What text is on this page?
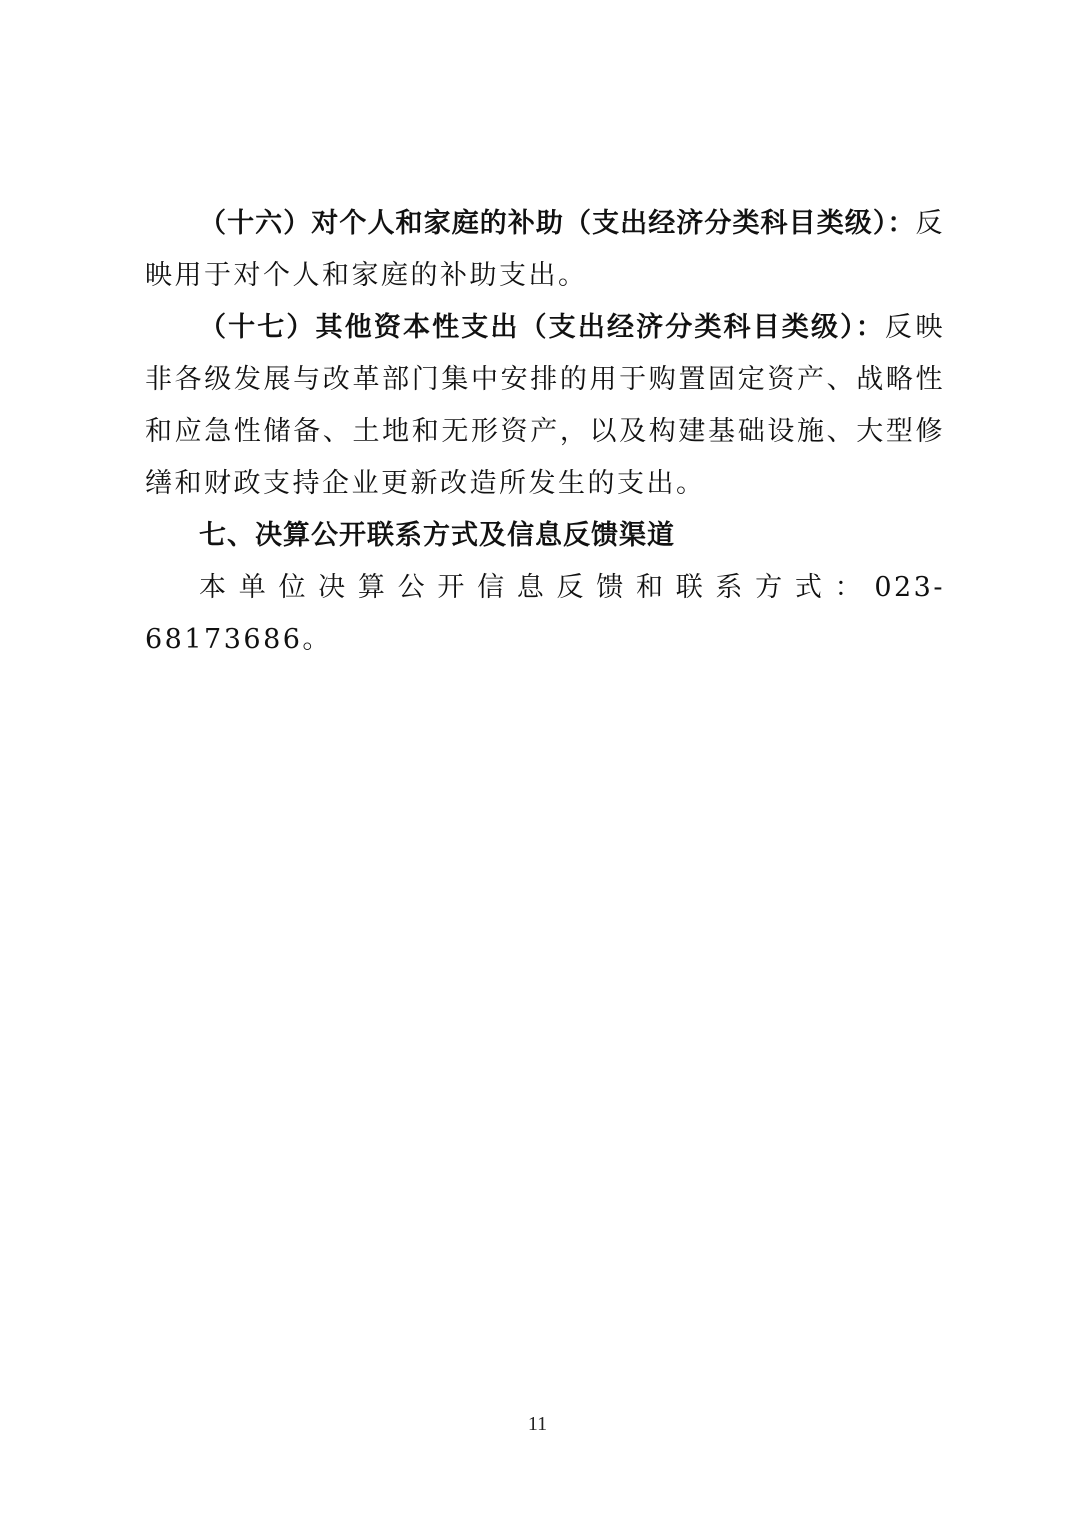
（十六）对个人和家庭的补助（支出经济分类科目类级）：反映用于对个人和家庭的补助支出。

（十七）其他资本性支出（支出经济分类科目类级）：反映非各级发展与改革部门集中安排的用于购置固定资产、战略性和应急性储备、土地和无形资产，以及构建基础设施、大型修缮和财政支持企业更新改造所发生的支出。

七、决算公开联系方式及信息反馈渠道

本单位决算公开信息反馈和联系方式：023-68173686。

11
